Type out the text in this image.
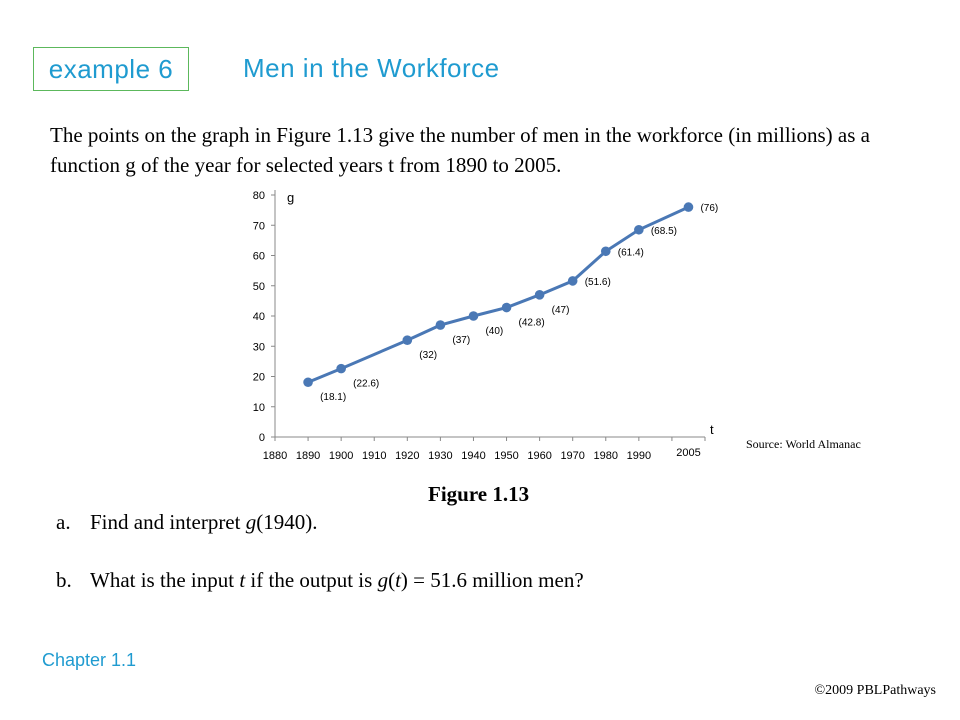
example 6	Men in the Workforce
The points on the graph in Figure 1.13 give the number of men in the workforce (in millions) as a function g of the year for selected years t from 1890 to 2005.
0
10
20
30
40
50
60
70
80
1880 1890 1900 1910 1920 1930 1940 1950 1960 1970 1980 1990 2005
g
t
(18.1)
(22.6)
(32)
(37)
(40)
(42.8)
(47)
(51.6)
(61.4)
(68.5)
(76)
Source: World Almanac
Figure 1.13
a. Find and interpret g(1940).
b. What is the input t if the output is g(t) = 51.6 million men?
Chapter 1.1
©2009 PBLPathways
